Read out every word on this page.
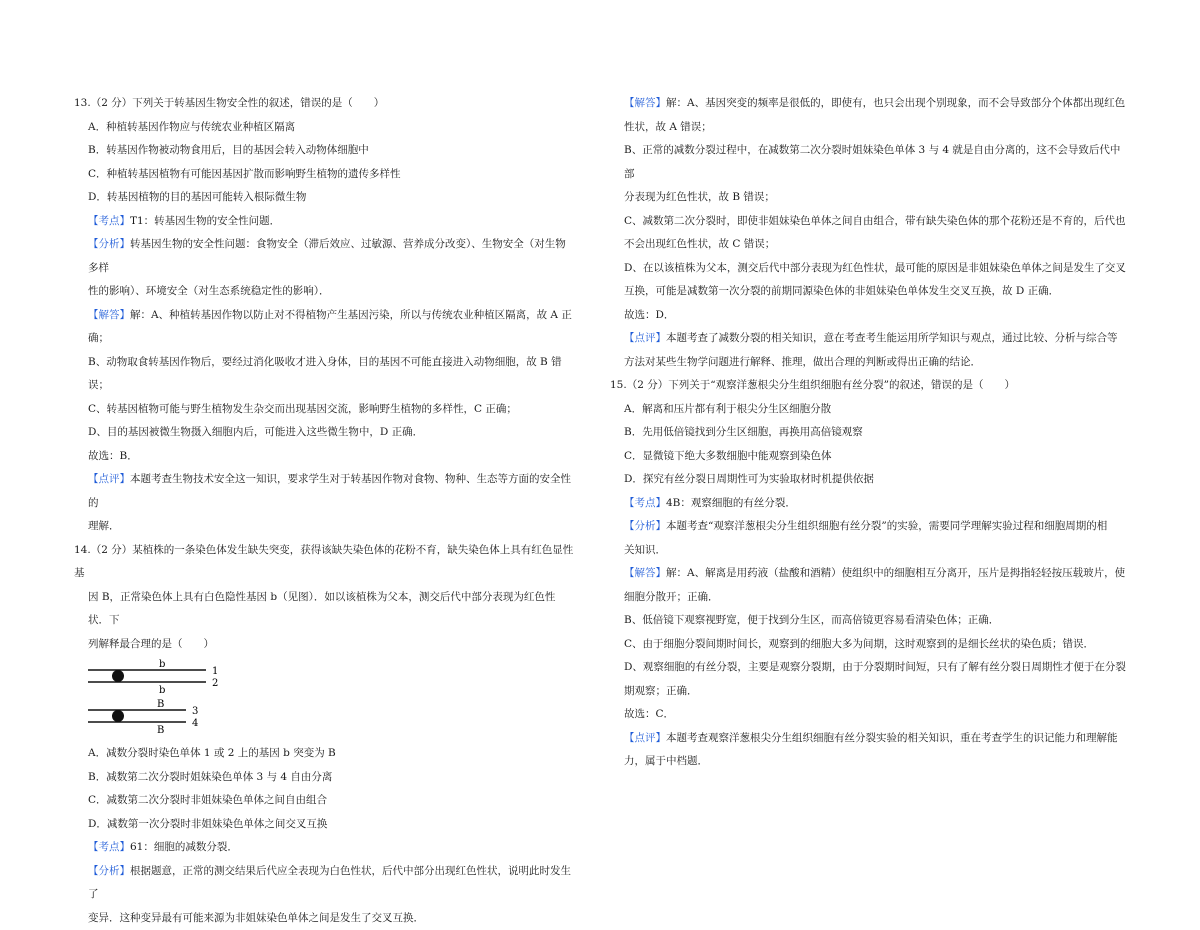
13.（2 分）下列关于转基因生物安全性的叙述，错误的是（　　）

A．种植转基因作物应与传统农业种植区隔离

B．转基因作物被动物食用后，目的基因会转入动物体细胞中

C．种植转基因植物有可能因基因扩散而影响野生植物的遗传多样性

D．转基因植物的目的基因可能转入根际微生物

【考点】T1：转基因生物的安全性问题．

【分析】转基因生物的安全性问题：食物安全（滞后效应、过敏源、营养成分改变）、生物安全（对生物多样

性的影响）、环境安全（对生态系统稳定性的影响）．

【解答】解：A、种植转基因作物以防止对不得植物产生基因污染，所以与传统农业种植区隔离，故 A 正确；

B、动物取食转基因作物后，要经过消化吸收才进入身体，目的基因不可能直接进入动物细胞，故 B 错误；

C、转基因植物可能与野生植物发生杂交而出现基因交流，影响野生植物的多样性，C 正确；

D、目的基因被微生物摄入细胞内后，可能进入这些微生物中，D 正确．

故选：B．

【点评】本题考查生物技术安全这一知识，要求学生对于转基因作物对食物、物种、生态等方面的安全性的

理解．

14.（2 分）某植株的一条染色体发生缺失突变，获得该缺失染色体的花粉不育，缺失染色体上具有红色显性基

因 B，正常染色体上具有白色隐性基因 b（见图）．如以该植株为父本，测交后代中部分表现为红色性状．下

列解释最合理的是（　　）

b
b
B
B
1
2
3
4

A．减数分裂时染色单体 1 或 2 上的基因 b 突变为 B

B．减数第二次分裂时姐妹染色单体 3 与 4 自由分离

C．减数第二次分裂时非姐妹染色单体之间自由组合

D．减数第一次分裂时非姐妹染色单体之间交叉互换

【考点】61：细胞的减数分裂．

【分析】根据题意，正常的测交结果后代应全表现为白色性状，后代中部分出现红色性状，说明此时发生了

变异．这种变异最有可能来源为非姐妹染色单体之间是发生了交叉互换．

【解答】解：A、基因突变的频率是很低的，即使有，也只会出现个别现象，而不会导致部分个体都出现红色

性状，故 A 错误；

B、正常的减数分裂过程中，在减数第二次分裂时姐妹染色单体 3 与 4 就是自由分离的，这不会导致后代中部

分表现为红色性状，故 B 错误；

C、减数第二次分裂时，即使非姐妹染色单体之间自由组合，带有缺失染色体的那个花粉还是不育的，后代也

不会出现红色性状，故 C 错误；

D、在以该植株为父本，测交后代中部分表现为红色性状，最可能的原因是非姐妹染色单体之间是发生了交叉

互换，可能是减数第一次分裂的前期同源染色体的非姐妹染色单体发生交叉互换，故 D 正确．

故选：D．

【点评】本题考查了减数分裂的相关知识，意在考查考生能运用所学知识与观点，通过比较、分析与综合等

方法对某些生物学问题进行解释、推理，做出合理的判断或得出正确的结论．

15.（2 分）下列关于“观察洋葱根尖分生组织细胞有丝分裂”的叙述，错误的是（　　）

A．解离和压片都有利于根尖分生区细胞分散

B．先用低倍镜找到分生区细胞，再换用高倍镜观察

C．显微镜下绝大多数细胞中能观察到染色体

D．探究有丝分裂日周期性可为实验取材时机提供依据

【考点】4B：观察细胞的有丝分裂．

【分析】本题考查“观察洋葱根尖分生组织细胞有丝分裂”的实验，需要同学理解实验过程和细胞周期的相

关知识．

【解答】解：A、解离是用药液（盐酸和酒精）使组织中的细胞相互分离开，压片是拇指轻轻按压载玻片，使

细胞分散开；正确．

B、低倍镜下观察视野宽，便于找到分生区，而高倍镜更容易看清染色体；正确．

C、由于细胞分裂间期时间长，观察到的细胞大多为间期，这时观察到的是细长丝状的染色质；错误．

D、观察细胞的有丝分裂，主要是观察分裂期，由于分裂期时间短，只有了解有丝分裂日周期性才便于在分裂

期观察；正确．

故选：C．

【点评】本题考查观察洋葱根尖分生组织细胞有丝分裂实验的相关知识，重在考查学生的识记能力和理解能

力，属于中档题．
